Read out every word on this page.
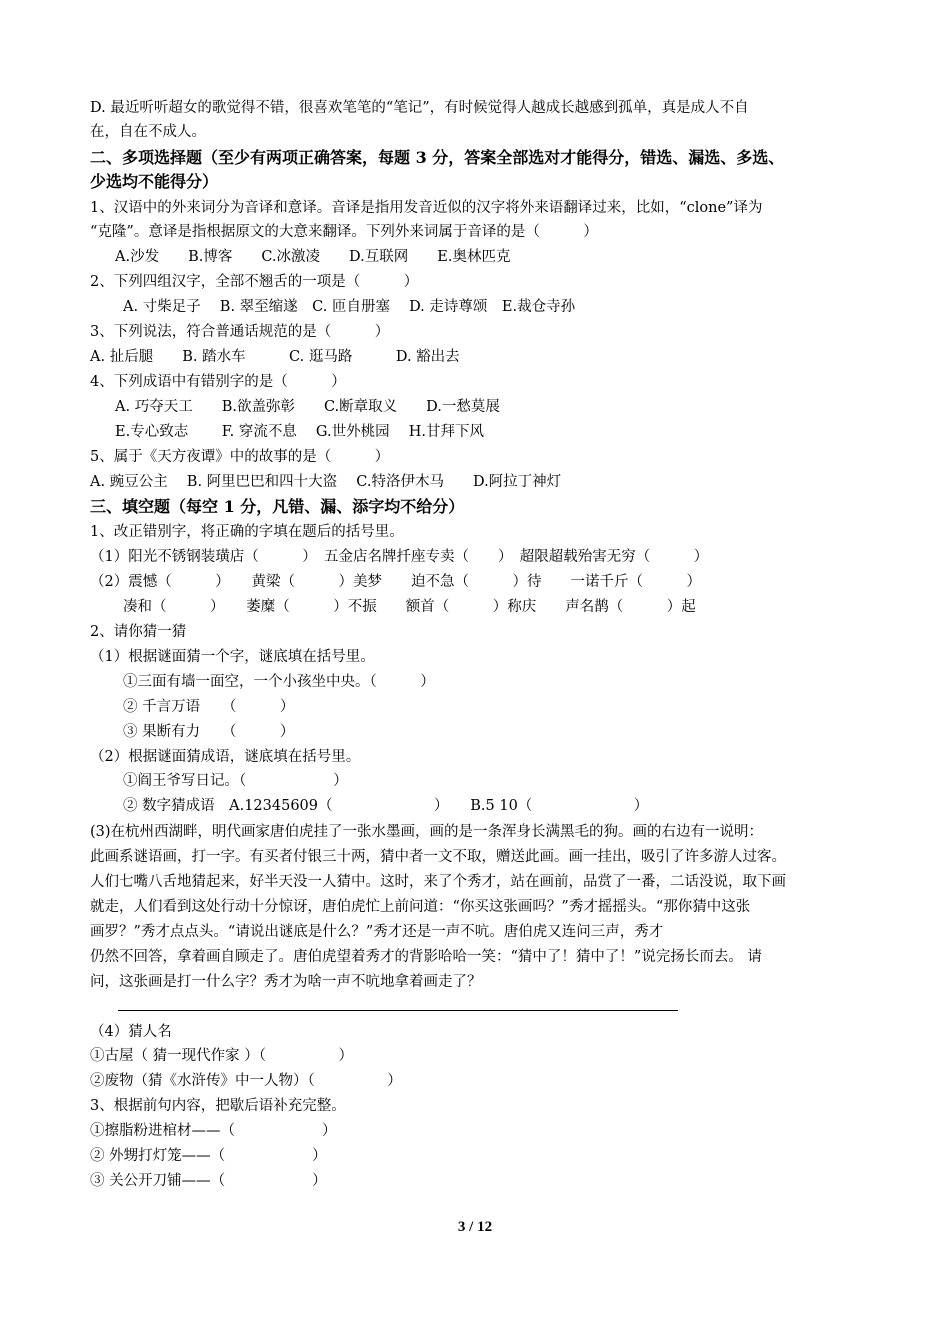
D. 最近听听超女的歌觉得不错，很喜欢笔笔的“笔记”，有时候觉得人越成长越感到孤单，真是成人不自
在，自在不成人。
二、多项选择题（至少有两项正确答案，每题 3 分，答案全部选对才能得分，错选、漏选、多选、
少选均不能得分）
1、汉语中的外来词分为音译和意译。音译是指用发音近似的汉字将外来语翻译过来，比如，“clone”译为
“克隆”。意译是指根据原文的大意来翻译。下列外来词属于音译的是（　　　）
A.沙发　　B.博客　　C.冰激凌　　D.互联网　　E.奥林匹克
2、下列四组汉字，全部不翘舌的一项是（　　　）
A. 寸柴足子　 B. 翠至缩遂　C. 匝自册塞　 D. 走诗尊颂　E.裁仓寺孙
3、下列说法，符合普通话规范的是（　　　）
A. 扯后腿　　B. 踏水车　　　C. 逛马路　　　D. 豁出去
4、下列成语中有错别字的是（　　　）
A. 巧夺天工　　B.欲盖弥彰　　C.断章取义　　D.一愁莫展
E.专心致志　　 F. 穿流不息　 G.世外桃园　 H.甘拜下风
5、属于《天方夜谭》中的故事的是（　　　）
A. 豌豆公主　 B. 阿里巴巴和四十大盗　 C.特洛伊木马　　D.阿拉丁神灯
三、填空题（每空 1 分，凡错、漏、添字均不给分）
1、改正错别字，将正确的字填在题后的括号里。
（1）阳光不锈钢装璜店（　　　）　五金店名牌扦座专卖（　　）　超限超载殆害无穷（　　　）
（2）震憾（　　　）　　黄梁（　　　）美梦　　迫不急（　　　）待　　一诺千斤（　　　）
凑和（　　　）　　萎糜（　　　）不振　　额首（　　　）称庆　　声名鹊（　　　）起
2、请你猜一猜
（1）根据谜面猜一个字，谜底填在括号里。
①三面有墙一面空，一个小孩坐中央。（　　　）
② 千言万语　　（　　　）
③ 果断有力　　（　　　）
（2）根据谜面猜成语，谜底填在括号里。
①阎王爷写日记。（　　　　　　）
② 数字猜成语　A.12345609（　　　　　　　）　　B.5 10（　　　　　　　）
(3)在杭州西湖畔，明代画家唐伯虎挂了一张水墨画，画的是一条浑身长满黑毛的狗。画的右边有一说明：
此画系谜语画，打一字。有买者付银三十两，猜中者一文不取，赠送此画。画一挂出，吸引了许多游人过客。
人们七嘴八舌地猜起来，好半天没一人猜中。这时，来了个秀才，站在画前，品赏了一番，二话没说，取下画
就走，人们看到这处行动十分惊讶，唐伯虎忙上前问道：“你买这张画吗？”秀才摇摇头。“那你猜中这张
画罗？”秀才点点头。“请说出谜底是什么？”秀才还是一声不吭。唐伯虎又连问三声，秀才
仍然不回答，拿着画自顾走了。唐伯虎望着秀才的背影哈哈一笑：“猜中了！猜中了！”说完扬长而去。 请
问，这张画是打一什么字？秀才为啥一声不吭地拿着画走了？
（4）猜人名
①古屋（ 猜一现代作家 ）（　　　　　）
②废物（猜《水浒传》中一人物）（　　　　　）
3、根据前句内容，把歇后语补充完整。
①擦脂粉进棺材——（　　　　　　）
② 外甥打灯笼——（　　　　　　）
③ 关公开刀铺——（　　　　　　）
3 / 12
